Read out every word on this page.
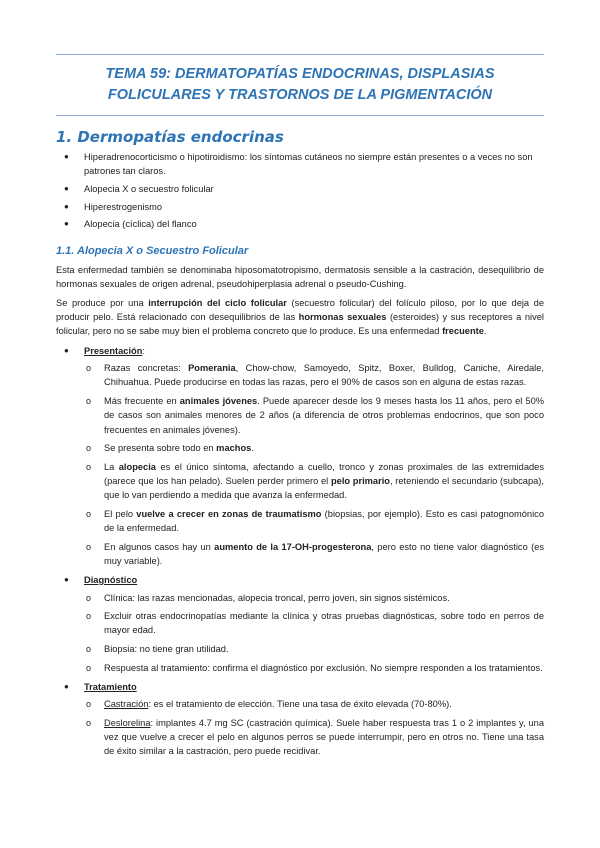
TEMA 59: DERMATOPATÍAS ENDOCRINAS, DISPLASIAS FOLICULARES Y TRASTORNOS DE LA PIGMENTACIÓN
1. Dermopatías endocrinas
● Hiperadrenocorticismo o hipotiroidismo: los síntomas cutáneos no siempre están presentes o a veces no son patrones tan claros.
● Alopecia X o secuestro folicular
● Hiperestrogenismo
● Alopecia (cíclica) del flanco
1.1. Alopecia X o Secuestro Folicular

Esta enfermedad también se denominaba hiposomatotropismo, dermatosis sensible a la castración, desequilibrio de hormonas sexuales de origen adrenal, pseudohiperplasia adrenal o pseudo-Cushing.

Se produce por una interrupción del ciclo folicular (secuestro folicular) del folículo piloso, por lo que deja de producir pelo. Está relacionado con desequilibrios de las hormonas sexuales (esteroides) y sus receptores a nivel folicular, pero no se sabe muy bien el problema concreto que lo produce. Es una enfermedad frecuente.

● Presentación:
o Razas concretas: Pomerania, Chow-chow, Samoyedo, Spitz, Boxer, Bulldog, Caniche, Airedale, Chihuahua. Puede producirse en todas las razas, pero el 90% de casos son en alguna de estas razas.
o Más frecuente en animales jóvenes. Puede aparecer desde los 9 meses hasta los 11 años, pero el 50% de casos son animales menores de 2 años (a diferencia de otros problemas endocrinos, que son poco frecuentes en animales jóvenes).
o Se presenta sobre todo en machos.
o La alopecia es el único síntoma, afectando a cuello, tronco y zonas proximales de las extremidades (parece que los han pelado). Suelen perder primero el pelo primario, reteniendo el secundario (subcapa), que lo van perdiendo a medida que avanza la enfermedad.
o El pelo vuelve a crecer en zonas de traumatismo (biopsias, por ejemplo). Esto es casi patognomónico de la enfermedad.
o En algunos casos hay un aumento de la 17-OH-progesterona, pero esto no tiene valor diagnóstico (es muy variable).
● Diagnóstico
o Clínica: las razas mencionadas, alopecia troncal, perro joven, sin signos sistémicos.
o Excluir otras endocrinopatías mediante la clínica y otras pruebas diagnósticas, sobre todo en perros de mayor edad.
o Biopsia: no tiene gran utilidad.
o Respuesta al tratamiento: confirma el diagnóstico por exclusión. No siempre responden a los tratamientos.
● Tratamiento
o Castración: es el tratamiento de elección. Tiene una tasa de éxito elevada (70-80%).
o Deslorelina: implantes 4.7 mg SC (castración química). Suele haber respuesta tras 1 o 2 implantes y, una vez que vuelve a crecer el pelo en algunos perros se puede interrumpir, pero en otros no. Tiene una tasa de éxito similar a la castración, pero puede recidivar.
